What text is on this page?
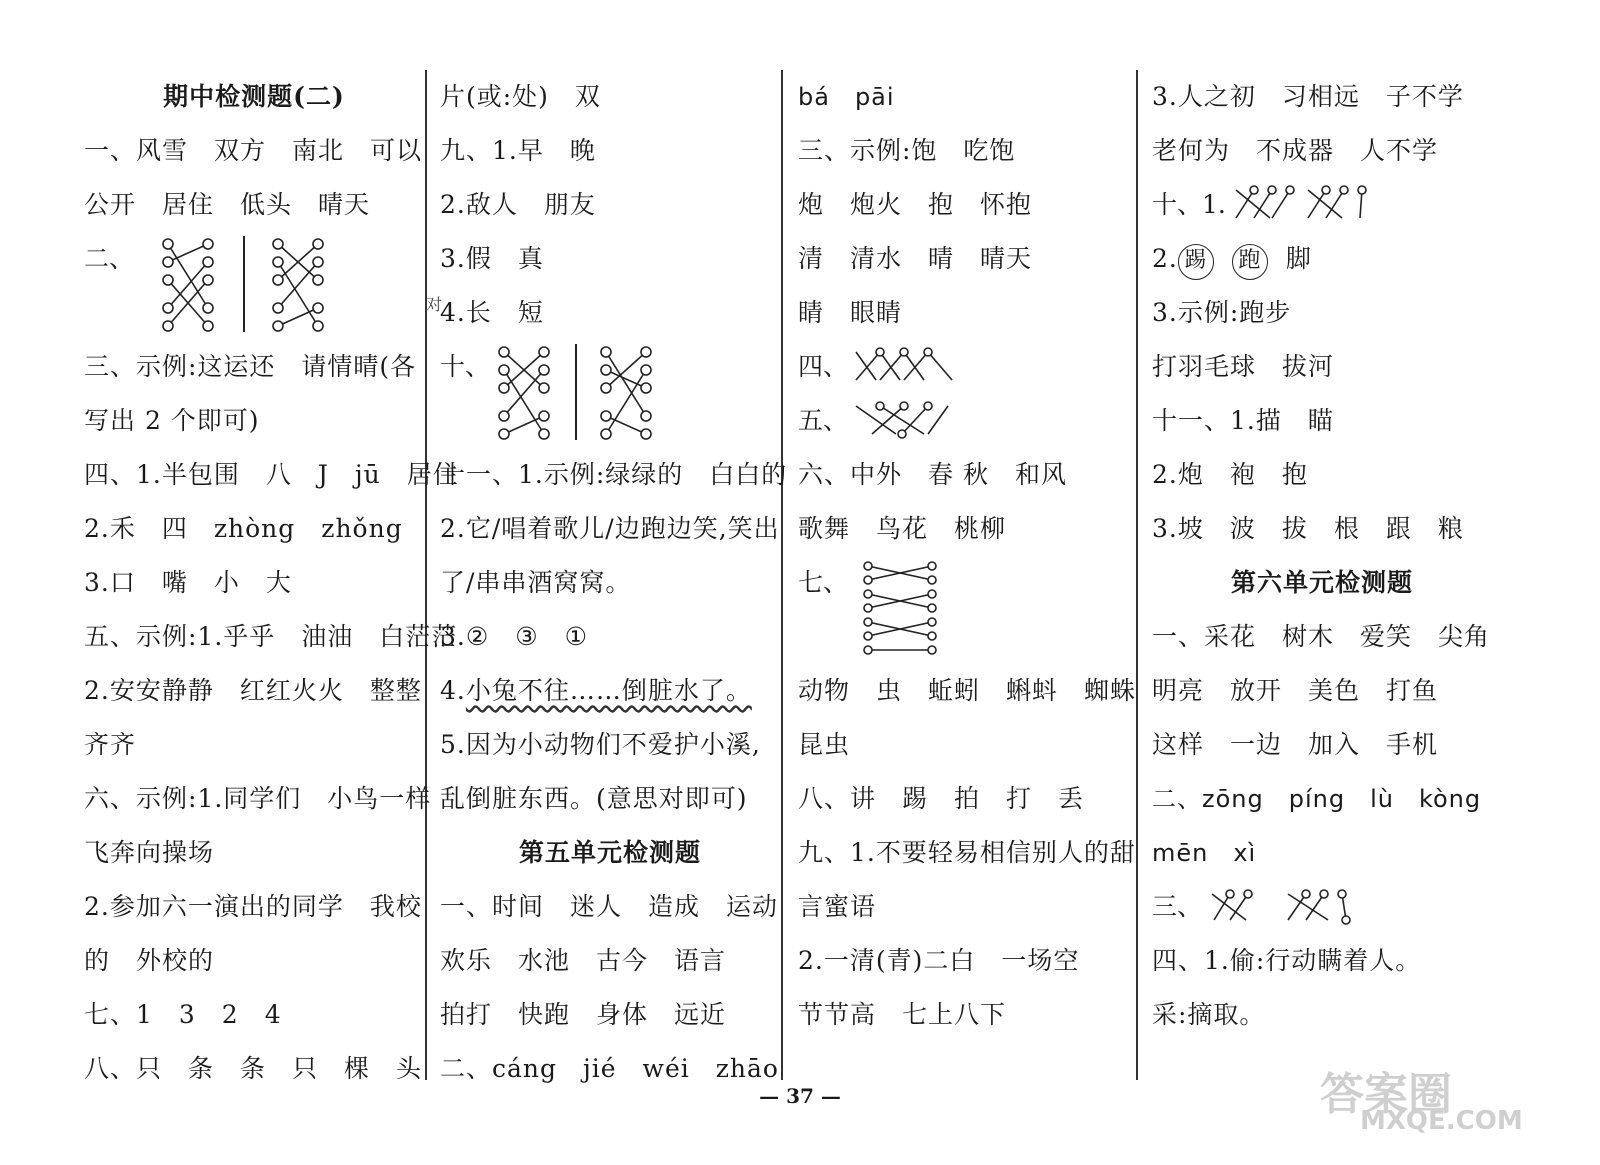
期中检测题(二)
一、风雪　双方　南北　可以
公开　居住　低头　晴天
二、
三、示例:这运还　请情晴(各
写出 2 个即可)
四、1.半包围　八　J　jū　居住
2.禾　四　zhòng　zhǒng
3.口　嘴　小　大
五、示例:1.乎乎　油油　白茫茫
2.安安静静　红红火火　整整
齐齐
六、示例:1.同学们　小鸟一样
飞奔向操场
2.参加六一演出的同学　我校
的　外校的
七、1　3　2　4
八、只　条　条　只　棵　头
片(或:处)　双
九、1.早　晚
2.敌人　朋友
3.假　真
对
4.长　短
十、
十一、1.示例:绿绿的　白白的
2.它/唱着歌儿/边跑边笑,笑出
了/串串酒窝窝。
3.②　③　①
4.小兔不往……倒脏水了。
5.因为小动物们不爱护小溪,
乱倒脏东西。(意思对即可)
第五单元检测题
一、时间　迷人　造成　运动
欢乐　水池　古今　语言
拍打　快跑　身体　远近
二、cáng　jié　wéi　zhāo
bá　pāi
三、示例:饱　吃饱
炮　炮火　抱　怀抱
清　清水　晴　晴天
睛　眼睛
四、
五、
六、中外　春 秋　和风
歌舞　鸟花　桃柳
七、
动物　虫　蚯蚓　蝌蚪　蜘蛛
昆虫
八、讲　踢　拍　打　丢
九、1.不要轻易相信别人的甜
言蜜语
2.一清(青)二白　一场空
节节高　七上八下
3.人之初　习相远　子不学
老何为　不成器　人不学
十、1.
2. 踢 跑 脚
3.示例:跑步
打羽毛球　拔河
十一、1.描　瞄
2.炮　袍　抱
3.坡　波　拔　根　跟　粮
第六单元检测题
一、采花　树木　爱笑　尖角
明亮　放开　美色　打鱼
这样　一边　加入　手机
二、zōng　píng　lù　kòng
mēn　xì
三、
四、1.偷:行动瞒着人。
采:摘取。
— 37 —	答案圈
MXQE.COM
